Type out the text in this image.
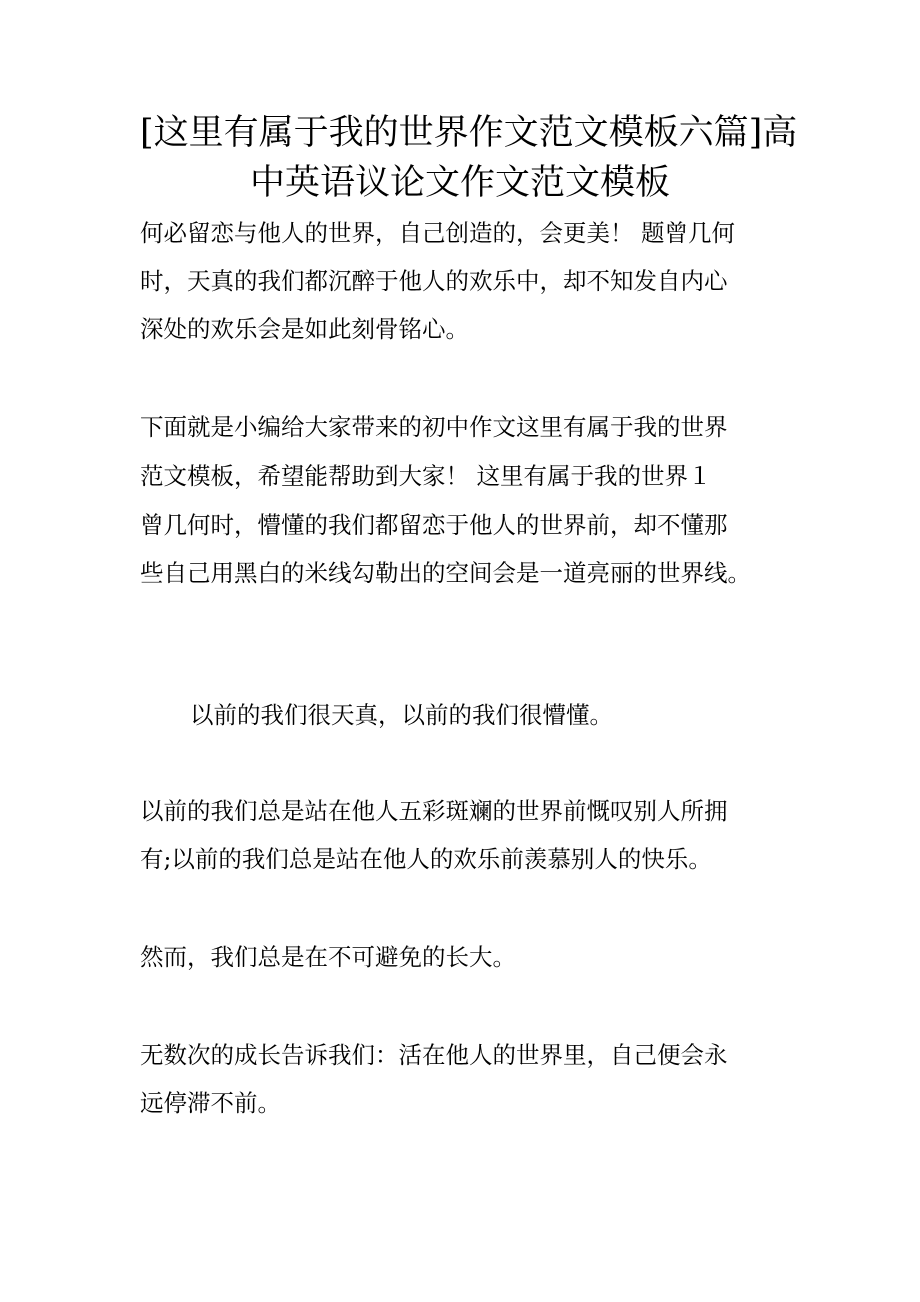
[这里有属于我的世界作文范文模板六篇]高
中英语议论文作文范文模板

何必留恋与他人的世界，自己创造的，会更美！ 题曾几何

时，天真的我们都沉醉于他人的欢乐中，却不知发自内心

深处的欢乐会是如此刻骨铭心。

下面就是小编给大家带来的初中作文这里有属于我的世界

范文模板，希望能帮助到大家！ 这里有属于我的世界１

曾几何时，懵懂的我们都留恋于他人的世界前，却不懂那

些自己用黑白的米线勾勒出的空间会是一道亮丽的世界线。

以前的我们很天真，以前的我们很懵懂。

以前的我们总是站在他人五彩斑斓的世界前慨叹别人所拥

有;以前的我们总是站在他人的欢乐前羡慕别人的快乐。

然而，我们总是在不可避免的长大。

无数次的成长告诉我们：活在他人的世界里，自己便会永

远停滞不前。
